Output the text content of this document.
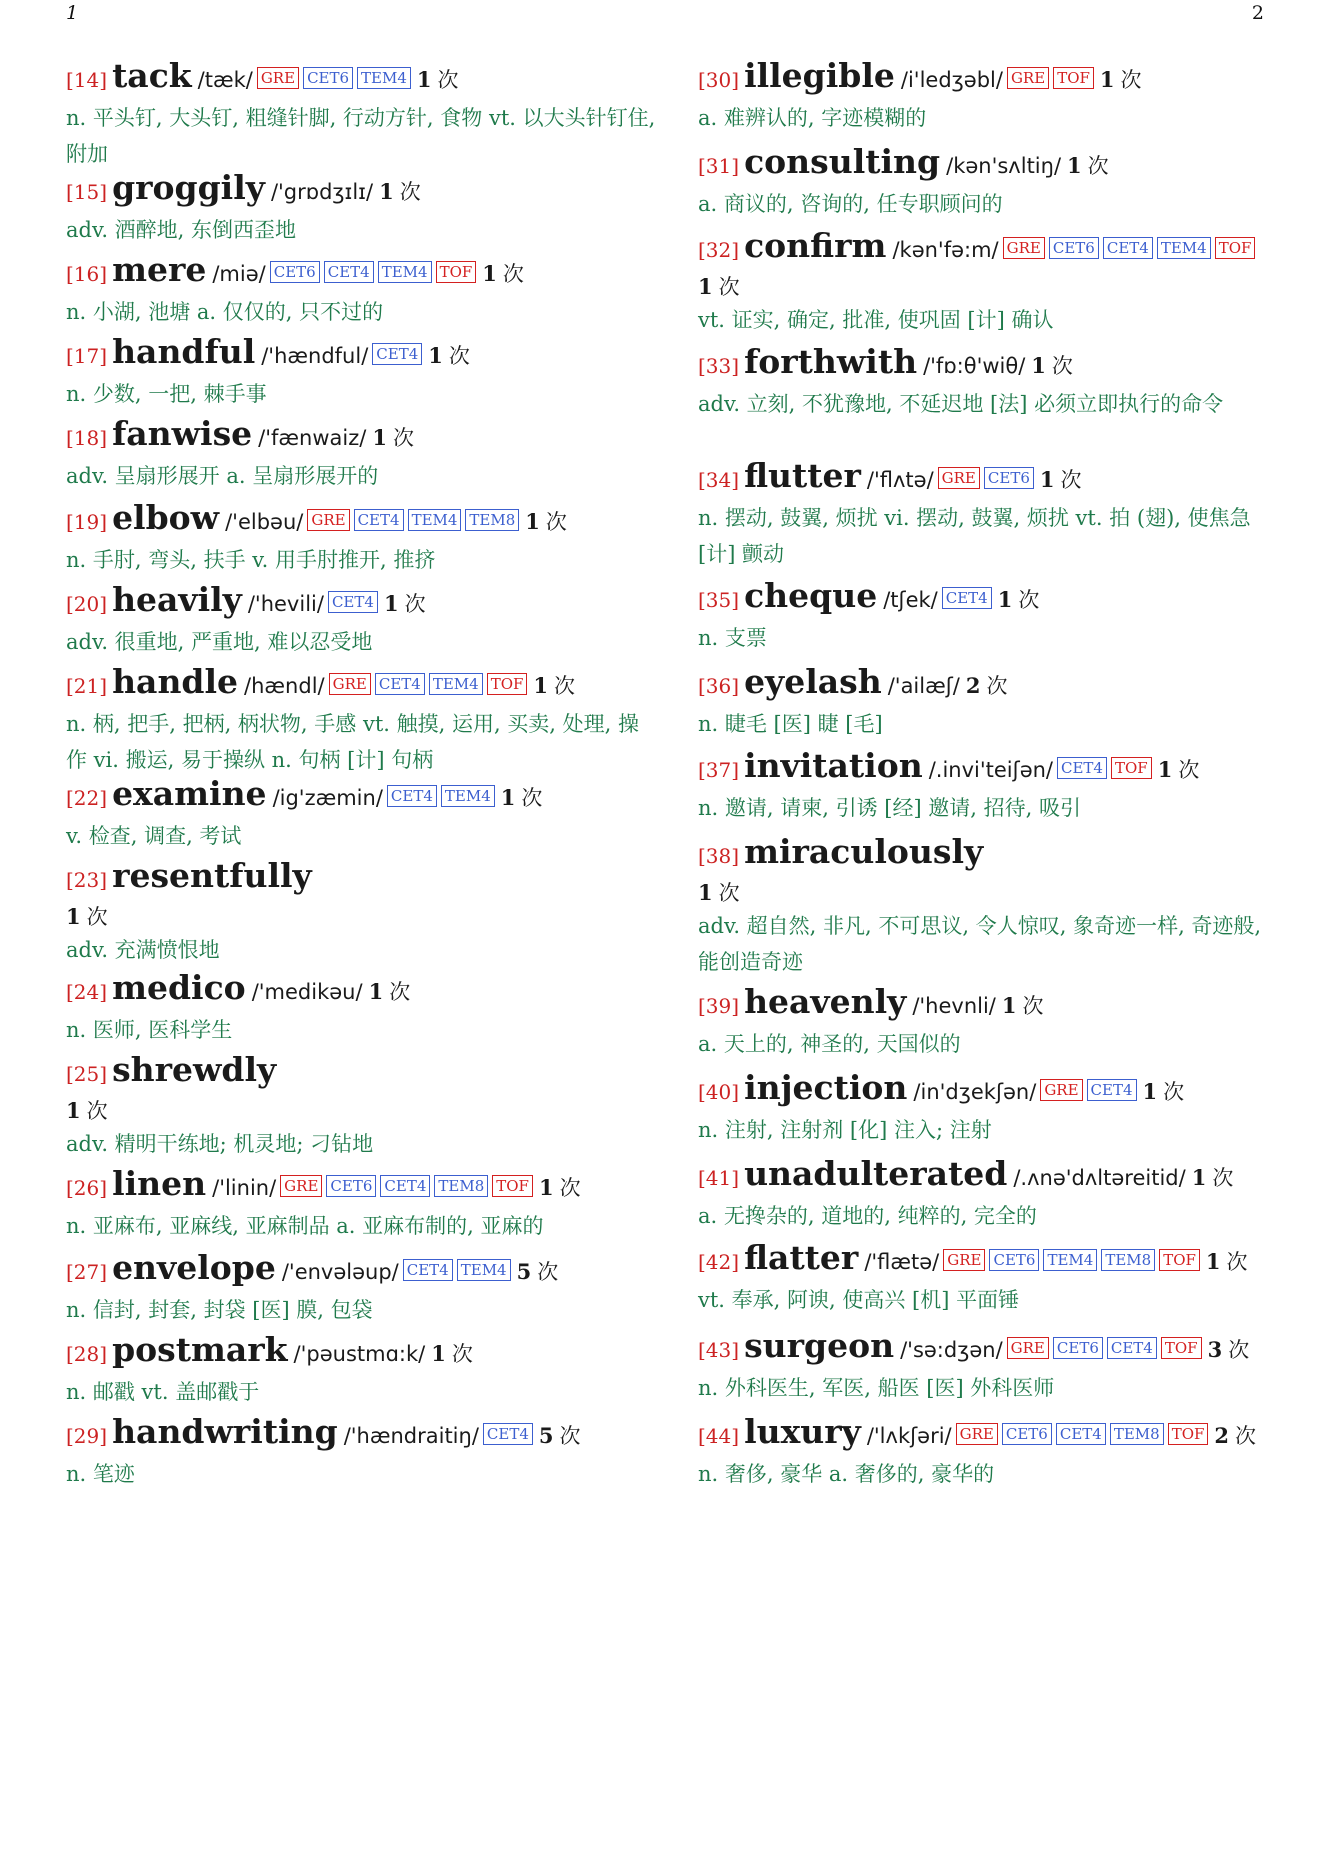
1	2
[14] tack /tæk/ GRE CET6 TEM4 1 次
n. 平头钉, 大头钉, 粗缝针脚, 行动方针, 食物 vt. 以大头针钉住, 附加
[15] groggily /'grɒdʒɪlɪ/ 1 次
adv. 酒醉地, 东倒西歪地
[16] mere /miə/ CET6 CET4 TEM4 TOF 1 次
n. 小湖, 池塘 a. 仅仅的, 只不过的
[17] handful /'hændful/ CET4 1 次
n. 少数, 一把, 棘手事
[18] fanwise /'fænwaiz/ 1 次
adv. 呈扇形展开 a. 呈扇形展开的
[19] elbow /'elbəu/ GRE CET4 TEM4 TEM8 1 次
n. 手肘, 弯头, 扶手 v. 用手肘推开, 推挤
[20] heavily /'hevili/ CET4 1 次
adv. 很重地, 严重地, 难以忍受地
[21] handle /hændl/ GRE CET4 TEM4 TOF 1 次
n. 柄, 把手, 把柄, 柄状物, 手感 vt. 触摸, 运用, 买卖, 处理, 操作 vi. 搬运, 易于操纵 n. 句柄 [计] 句柄
[22] examine /ig'zæmin/ CET4 TEM4 1 次
v. 检查, 调查, 考试
[23] resentfully
1 次
adv. 充满愤恨地
[24] medico /'medikəu/ 1 次
n. 医师, 医科学生
[25] shrewdly
1 次
adv. 精明干练地; 机灵地; 刁钻地
[26] linen /'linin/ GRE CET6 CET4 TEM8 TOF 1 次
n. 亚麻布, 亚麻线, 亚麻制品 a. 亚麻布制的, 亚麻的
[27] envelope /'envələup/ CET4 TEM4 5 次
n. 信封, 封套, 封袋 [医] 膜, 包袋
[28] postmark /'pəustmɑ:k/ 1 次
n. 邮戳 vt. 盖邮戳于
[29] handwriting /'hændraitiŋ/ CET4 5 次
n. 笔迹
[30] illegible /i'ledʒəbl/ GRE TOF 1 次
a. 难辨认的, 字迹模糊的
[31] consulting /kən'sʌltiŋ/ 1 次
a. 商议的, 咨询的, 任专职顾问的
[32] confirm /kən'fə:m/ GRE CET6 CET4 TEM4 TOF
1 次
vt. 证实, 确定, 批准, 使巩固 [计] 确认
[33] forthwith /'fɒ:θ'wiθ/ 1 次
adv. 立刻, 不犹豫地, 不延迟地 [法] 必须立即执行的命令
[34] flutter /'flʌtə/ GRE CET6 1 次
n. 摆动, 鼓翼, 烦扰 vi. 摆动, 鼓翼, 烦扰 vt. 拍 (翅), 使焦急 [计] 颤动
[35] cheque /tʃek/ CET4 1 次
n. 支票
[36] eyelash /'ailæʃ/ 2 次
n. 睫毛 [医] 睫 [毛]
[37] invitation /.invi'teiʃən/ CET4 TOF 1 次
n. 邀请, 请柬, 引诱 [经] 邀请, 招待, 吸引
[38] miraculously
1 次
adv. 超自然, 非凡, 不可思议, 令人惊叹, 象奇迹一样, 奇迹般, 能创造奇迹
[39] heavenly /'hevnli/ 1 次
a. 天上的, 神圣的, 天国似的
[40] injection /in'dʒekʃən/ GRE CET4 1 次
n. 注射, 注射剂 [化] 注入; 注射
[41] unadulterated /.ʌnə'dʌltəreitid/ 1 次
a. 无搀杂的, 道地的, 纯粹的, 完全的
[42] flatter /'flætə/ GRE CET6 TEM4 TEM8 TOF 1 次
vt. 奉承, 阿谀, 使高兴 [机] 平面锤
[43] surgeon /'sə:dʒən/ GRE CET6 CET4 TOF 3 次
n. 外科医生, 军医, 船医 [医] 外科医师
[44] luxury /'lʌkʃəri/ GRE CET6 CET4 TEM8 TOF 2 次
n. 奢侈, 豪华 a. 奢侈的, 豪华的
